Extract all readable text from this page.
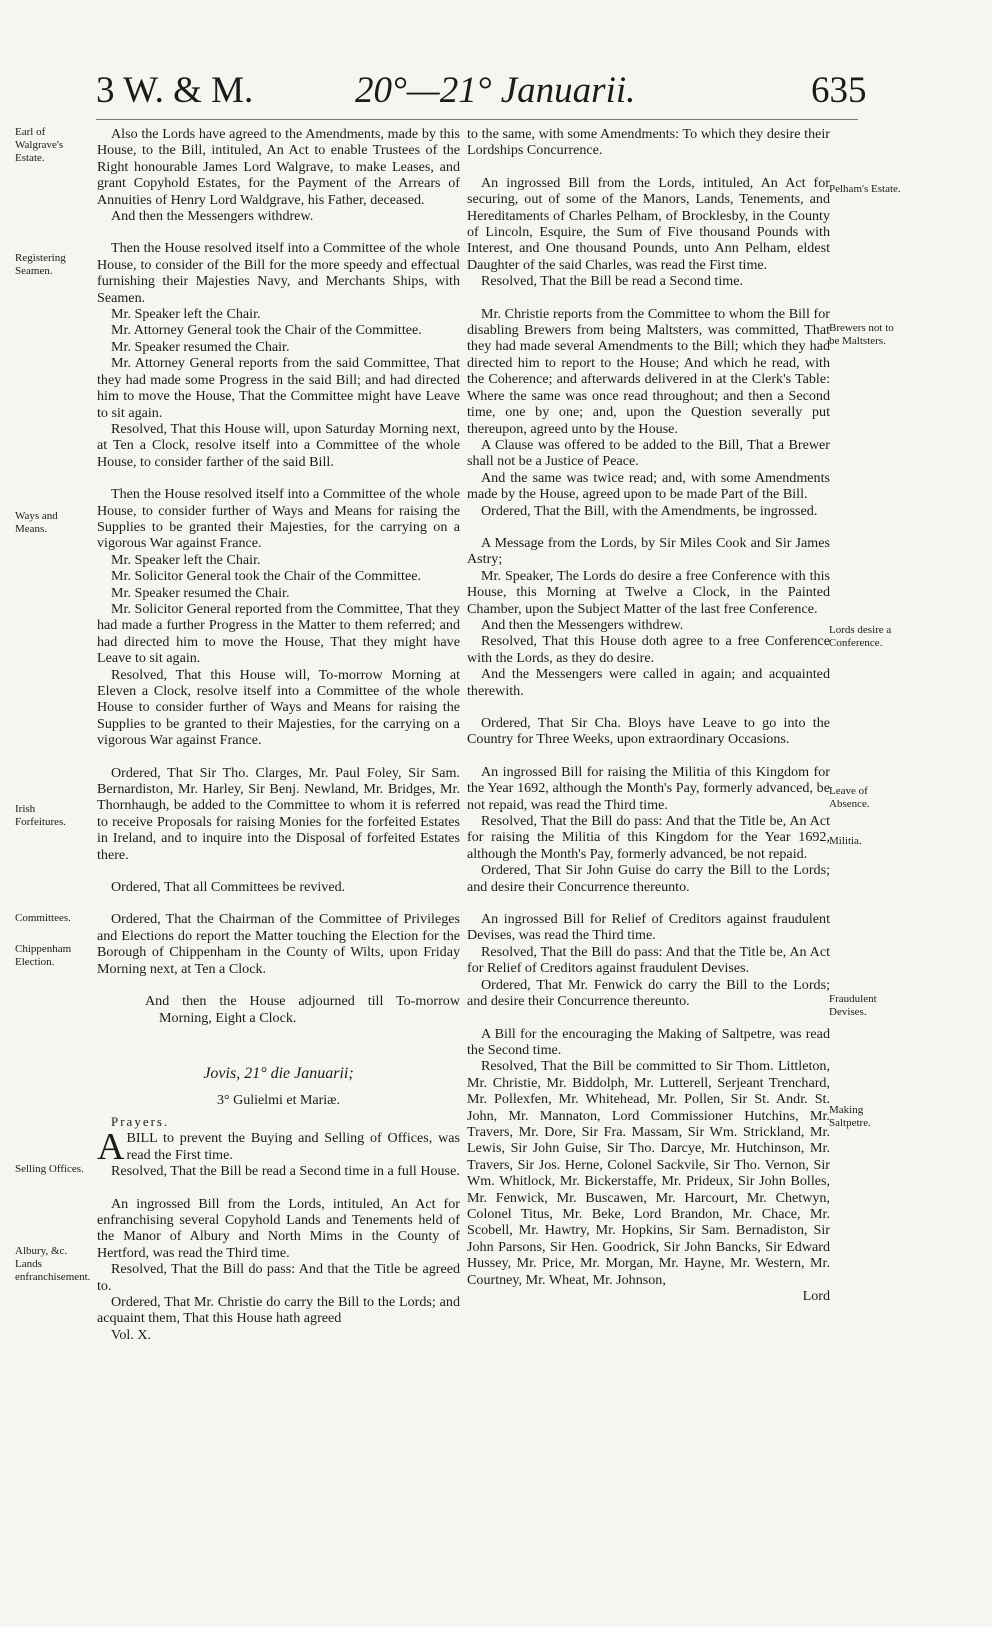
3 W. & M.	20°—21° Januarii.	635
Earl of Walgrave's Estate.
Registering Seamen.
Ways and Means.
Irish Forfeitures.
Committees.
Chippenham Election.
Selling Offices.
Albury, &c. Lands enfranchisement.
Pelham's Estate.
Brewers not to be Maltsters.
Lords desire a Conference.
Leave of Absence.
Militia.
Fraudulent Devises.
Making Saltpetre.

Also the Lords have agreed to the Amendments, made by this House, to the Bill, intituled, An Act to enable Trustees of the Right honourable James Lord Walgrave, to make Leases, and grant Copyhold Estates, for the Payment of the Arrears of Annuities of Henry Lord Waldgrave, his Father, deceased.

And then the Messengers withdrew.

Then the House resolved itself into a Committee of the whole House, to consider of the Bill for the more speedy and effectual furnishing their Majesties Navy, and Merchants Ships, with Seamen.

Mr. Speaker left the Chair.

Mr. Attorney General took the Chair of the Committee.

Mr. Speaker resumed the Chair.

Mr. Attorney General reports from the said Committee, That they had made some Progress in the said Bill; and had directed him to move the House, That the Committee might have Leave to sit again.

Resolved, That this House will, upon Saturday Morning next, at Ten a Clock, resolve itself into a Committee of the whole House, to consider farther of the said Bill.

Then the House resolved itself into a Committee of the whole House, to consider further of Ways and Means for raising the Supplies to be granted their Majesties, for the carrying on a vigorous War against France.

Mr. Speaker left the Chair.

Mr. Solicitor General took the Chair of the Committee.

Mr. Speaker resumed the Chair.

Mr. Solicitor General reported from the Committee, That they had made a further Progress in the Matter to them referred; and had directed him to move the House, That they might have Leave to sit again.

Resolved, That this House will, To-morrow Morning at Eleven a Clock, resolve itself into a Committee of the whole House to consider further of Ways and Means for raising the Supplies to be granted to their Majesties, for the carrying on a vigorous War against France.

Ordered, That Sir Tho. Clarges, Mr. Paul Foley, Sir Sam. Bernardiston, Mr. Harley, Sir Benj. Newland, Mr. Bridges, Mr. Thornhaugh, be added to the Committee to whom it is referred to receive Proposals for raising Monies for the forfeited Estates in Ireland, and to inquire into the Disposal of forfeited Estates there.

Ordered, That all Committees be revived.

Ordered, That the Chairman of the Committee of Privileges and Elections do report the Matter touching the Election for the Borough of Chippenham in the County of Wilts, upon Friday Morning next, at Ten a Clock.

And then the House adjourned till To-morrow Morning, Eight a Clock.

Jovis, 21° die Januarii;
3° Gulielmi et Mariæ.
Prayers.

ABILL to prevent the Buying and Selling of Offices, was read the First time.

Resolved, That the Bill be read a Second time in a full House.

An ingrossed Bill from the Lords, intituled, An Act for enfranchising several Copyhold Lands and Tenements held of the Manor of Albury and North Mims in the County of Hertford, was read the Third time.

Resolved, That the Bill do pass: And that the Title be agreed to.

Ordered, That Mr. Christie do carry the Bill to the Lords; and acquaint them, That this House hath agreed

Vol. X.

to the same, with some Amendments: To which they desire their Lordships Concurrence.

An ingrossed Bill from the Lords, intituled, An Act for securing, out of some of the Manors, Lands, Tenements, and Hereditaments of Charles Pelham, of Brocklesby, in the County of Lincoln, Esquire, the Sum of Five thousand Pounds with Interest, and One thousand Pounds, unto Ann Pelham, eldest Daughter of the said Charles, was read the First time.

Resolved, That the Bill be read a Second time.

Mr. Christie reports from the Committee to whom the Bill for disabling Brewers from being Maltsters, was committed, That they had made several Amendments to the Bill; which they had directed him to report to the House; And which he read, with the Coherence; and afterwards delivered in at the Clerk's Table: Where the same was once read throughout; and then a Second time, one by one; and, upon the Question severally put thereupon, agreed unto by the House.

A Clause was offered to be added to the Bill, That a Brewer shall not be a Justice of Peace.

And the same was twice read; and, with some Amendments made by the House, agreed upon to be made Part of the Bill.

Ordered, That the Bill, with the Amendments, be ingrossed.

A Message from the Lords, by Sir Miles Cook and Sir James Astry;

Mr. Speaker, The Lords do desire a free Conference with this House, this Morning at Twelve a Clock, in the Painted Chamber, upon the Subject Matter of the last free Conference.

And then the Messengers withdrew.

Resolved, That this House doth agree to a free Conference with the Lords, as they do desire.

And the Messengers were called in again; and acquainted therewith.

Ordered, That Sir Cha. Bloys have Leave to go into the Country for Three Weeks, upon extraordinary Occasions.

An ingrossed Bill for raising the Militia of this Kingdom for the Year 1692, although the Month's Pay, formerly advanced, be not repaid, was read the Third time.

Resolved, That the Bill do pass: And that the Title be, An Act for raising the Militia of this Kingdom for the Year 1692, although the Month's Pay, formerly advanced, be not repaid.

Ordered, That Sir John Guise do carry the Bill to the Lords; and desire their Concurrence thereunto.

An ingrossed Bill for Relief of Creditors against fraudulent Devises, was read the Third time.

Resolved, That the Bill do pass: And that the Title be, An Act for Relief of Creditors against fraudulent Devises.

Ordered, That Mr. Fenwick do carry the Bill to the Lords; and desire their Concurrence thereunto.

A Bill for the encouraging the Making of Saltpetre, was read the Second time.

Resolved, That the Bill be committed to Sir Thom. Littleton, Mr. Christie, Mr. Biddolph, Mr. Lutterell, Serjeant Trenchard, Mr. Pollexfen, Mr. Whitehead, Mr. Pollen, Sir St. Andr. St. John, Mr. Mannaton, Lord Commissioner Hutchins, Mr. Travers, Mr. Dore, Sir Fra. Massam, Sir Wm. Strickland, Mr. Lewis, Sir John Guise, Sir Tho. Darcye, Mr. Hutchinson, Mr. Travers, Sir Jos. Herne, Colonel Sackvile, Sir Tho. Vernon, Sir Wm. Whitlock, Mr. Bickerstaffe, Mr. Prideux, Sir John Bolles, Mr. Fenwick, Mr. Buscawen, Mr. Harcourt, Mr. Chetwyn, Colonel Titus, Mr. Beke, Lord Brandon, Mr. Chace, Mr. Scobell, Mr. Hawtry, Mr. Hopkins, Sir Sam. Bernadiston, Sir John Parsons, Sir Hen. Goodrick, Sir John Bancks, Sir Edward Hussey, Mr. Price, Mr. Morgan, Mr. Hayne, Mr. Western, Mr. Courtney, Mr. Wheat, Mr. Johnson,

Lord
